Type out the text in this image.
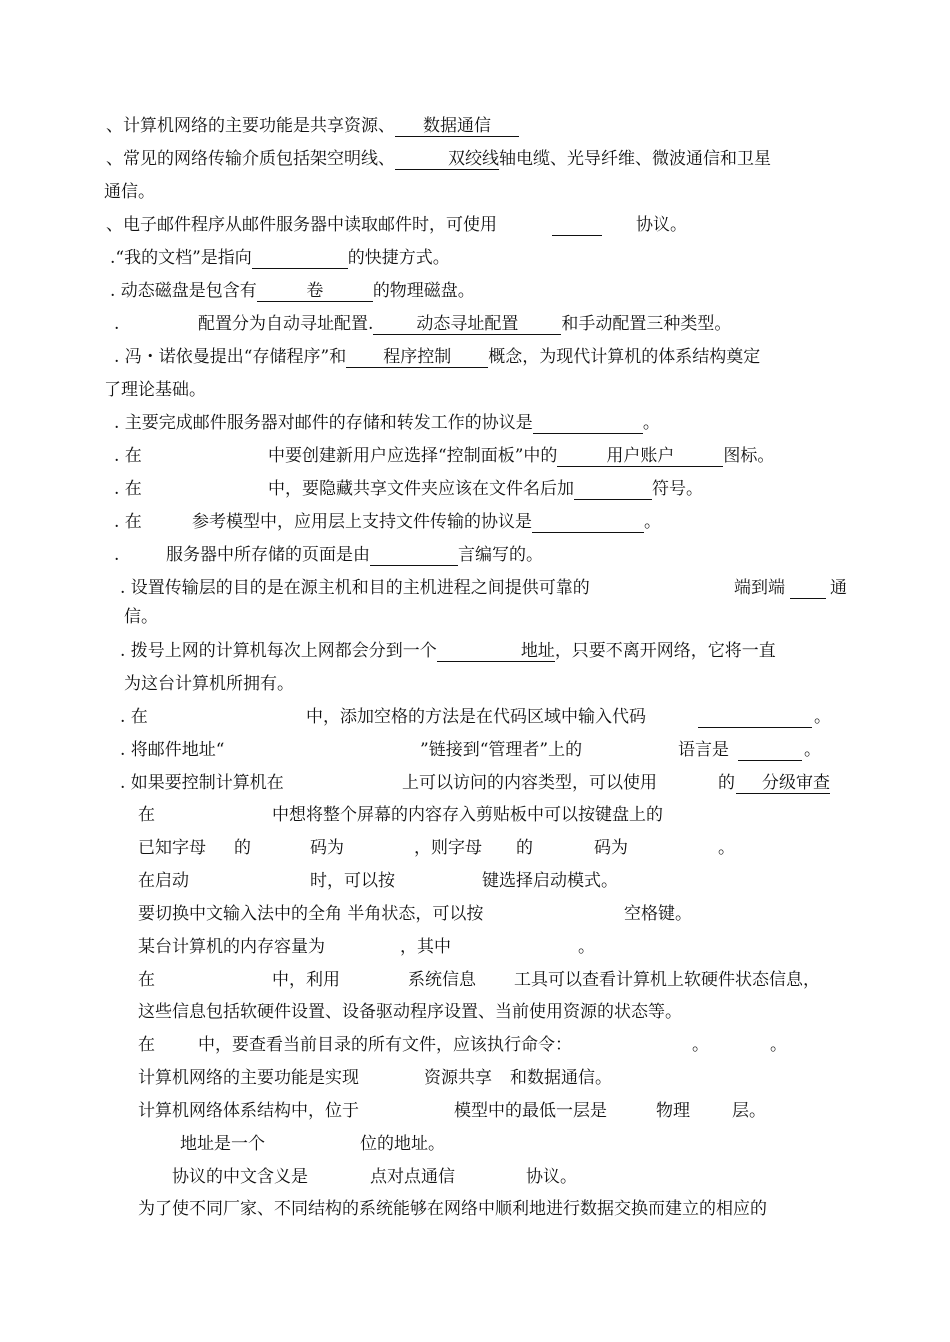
、计算机网络的主要功能是共享资源、 数据通信
、常见的网络传输介质包括架空明线、	双绞线轴电缆、光导纤维、微波通信和卫星
通信。
、电子邮件程序从邮件服务器中读取邮件时，可使用	协议。
.“我的文档”是指向	的快捷方式。
. 动态磁盘是包含有	卷	的物理磁盘。
.	配置分为自动寻址配置.	动态寻址配置	和手动配置三种类型。
. 冯・诺依曼提出“存储程序”和 程序控制 概念，为现代计算机的体系结构奠定
了理论基础。
. 主要完成邮件服务器对邮件的存储和转发工作的协议是	。
. 在	中要创建新用户应选择“控制面板”中的	用户账户	图标。
. 在	中，要隐藏共享文件夹应该在文件名后加	符号。
. 在	参考模型中，应用层上支持文件传输的协议是	。
.	服务器中所存储的页面是由	言编写的。
. 设置传输层的目的是在源主机和目的主机进程之间提供可靠的	端到端	通
信。
. 拨号上网的计算机每次上网都会分到一个	地址，只要不离开网络，它将一直
为这台计算机所拥有。
. 在	中，添加空格的方法是在代码区域中输入代码	。
. 将邮件地址“	”链接到“管理者”上的	语言是	。
. 如果要控制计算机在	上可以访问的内容类型，可以使用	的	分级审查
在	中想将整个屏幕的内容存入剪贴板中可以按键盘上的
已知字母 的	码为	，则字母 的	码为	。
在启动	时，可以按	键选择启动模式。
要切换中文输入法中的全角 半角状态，可以按	空格键。
某台计算机的内存容量为	，其中	。
在	中，利用	系统信息 工具可以查看计算机上软硬件状态信息，
这些信息包括软硬件设置、设备驱动程序设置、当前使用资源的状态等。
在	中，要查看当前目录的所有文件，应该执行命令：	。	。
计算机网络的主要功能是实现	资源共享 和数据通信。
计算机网络体系结构中，位于	模型中的最低一层是	物理 层。
地址是一个	位的地址。
协议的中文含义是	点对点通信	协议。
为了使不同厂家、不同结构的系统能够在网络中顺利地进行数据交换而建立的相应的
